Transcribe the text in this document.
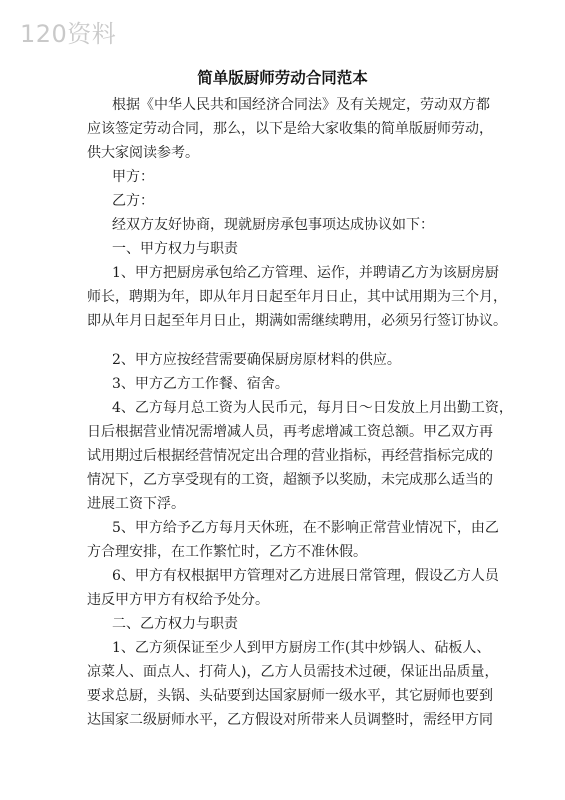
120资料
简单版厨师劳动合同范本
根据《中华人民共和国经济合同法》及有关规定，劳动双方都
应该签定劳动合同，那么，以下是给大家收集的简单版厨师劳动，
供大家阅读参考。
甲方：
乙方：
经双方友好协商，现就厨房承包事项达成协议如下：
一、甲方权力与职责
1、甲方把厨房承包给乙方管理、运作，并聘请乙方为该厨房厨
师长，聘期为年，即从年月日起至年月日止，其中试用期为三个月，
即从年月日起至年月日止，期满如需继续聘用，必须另行签订协议。
2、甲方应按经营需要确保厨房原材料的供应。
3、甲方乙方工作餐、宿舍。
4、乙方每月总工资为人民币元，每月日～日发放上月出勤工资，
日后根据营业情况需增减人员，再考虑增减工资总额。甲乙双方再
试用期过后根据经营情况定出合理的营业指标，再经营指标完成的
情况下，乙方享受现有的工资，超额予以奖励，未完成那么适当的
进展工资下浮。
5、甲方给予乙方每月天休班，在不影响正常营业情况下，由乙
方合理安排，在工作繁忙时，乙方不准休假。
6、甲方有权根据甲方管理对乙方进展日常管理，假设乙方人员
违反甲方甲方有权给予处分。
二、乙方权力与职责
1、乙方须保证至少人到甲方厨房工作(其中炒锅人、砧板人、
凉菜人、面点人、打荷人)，乙方人员需技术过硬，保证出品质量，
要求总厨，头锅、头砧要到达国家厨师一级水平，其它厨师也要到
达国家二级厨师水平，乙方假设对所带来人员调整时，需经甲方同
